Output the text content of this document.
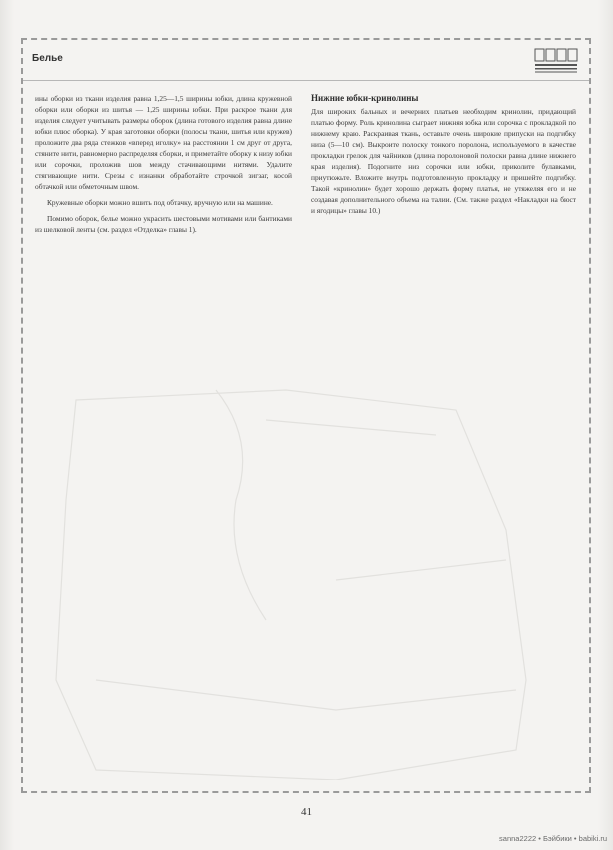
Белье

ины оборки из ткани изделия равна 1,25—1,5 ширины юбки, длина кружевной оборки или оборки из шитья — 1,25 ширины юбки. При раскрое ткани для изделия следует учитывать размеры оборок (длина готового изделия равна длине юбки плюс оборка). У края заготовки оборки (полосы ткани, шитья или кружев) проложите два ряда стежков «вперед иголку» на расстоянии 1 см друг от друга, стяните нити, равномерно распределяя сборки, и приметайте оборку к низу юбки или сорочки, проложив шов между стачивающими нитями. Удалите стягивающие нити. Срезы с изнанки обработайте строчкой зигзаг, косой обтачкой или обметочным швом.

Кружевные оборки можно вшить под обтачку, вручную или на машине.

Помимо оборок, белье можно украсить шестовыми мотивами или бантиками из шелковой ленты (см. раздел «Отделка» главы 1).

Нижние юбки-кринолины

Для широких бальных и вечерних платьев необходим кринолин, придающий платью форму. Роль кринолина сыграет нижняя юбка или сорочка с прокладкой по нижнему краю. Раскраивая ткань, оставьте очень широкие припуски на подгибку низа (5—10 см). Выкроите полоску тонкого поролона, используемого в качестве прокладки грелок для чайников (длина поролоновой полоски равна длине нижнего края изделия). Подогните низ сорочки или юбки, приколите булавками, приутюжьте. Вложите внутрь подготовленную прокладку и пришейте подгибку. Такой «кринолин» будет хорошо держать форму платья, не утяжеляя его и не создавая дополнительного объема на талии. (См. также раздел «Накладки на бюст и ягодицы» главы 10.)

41
sanna2222 • Бэйбики • babiki.ru
